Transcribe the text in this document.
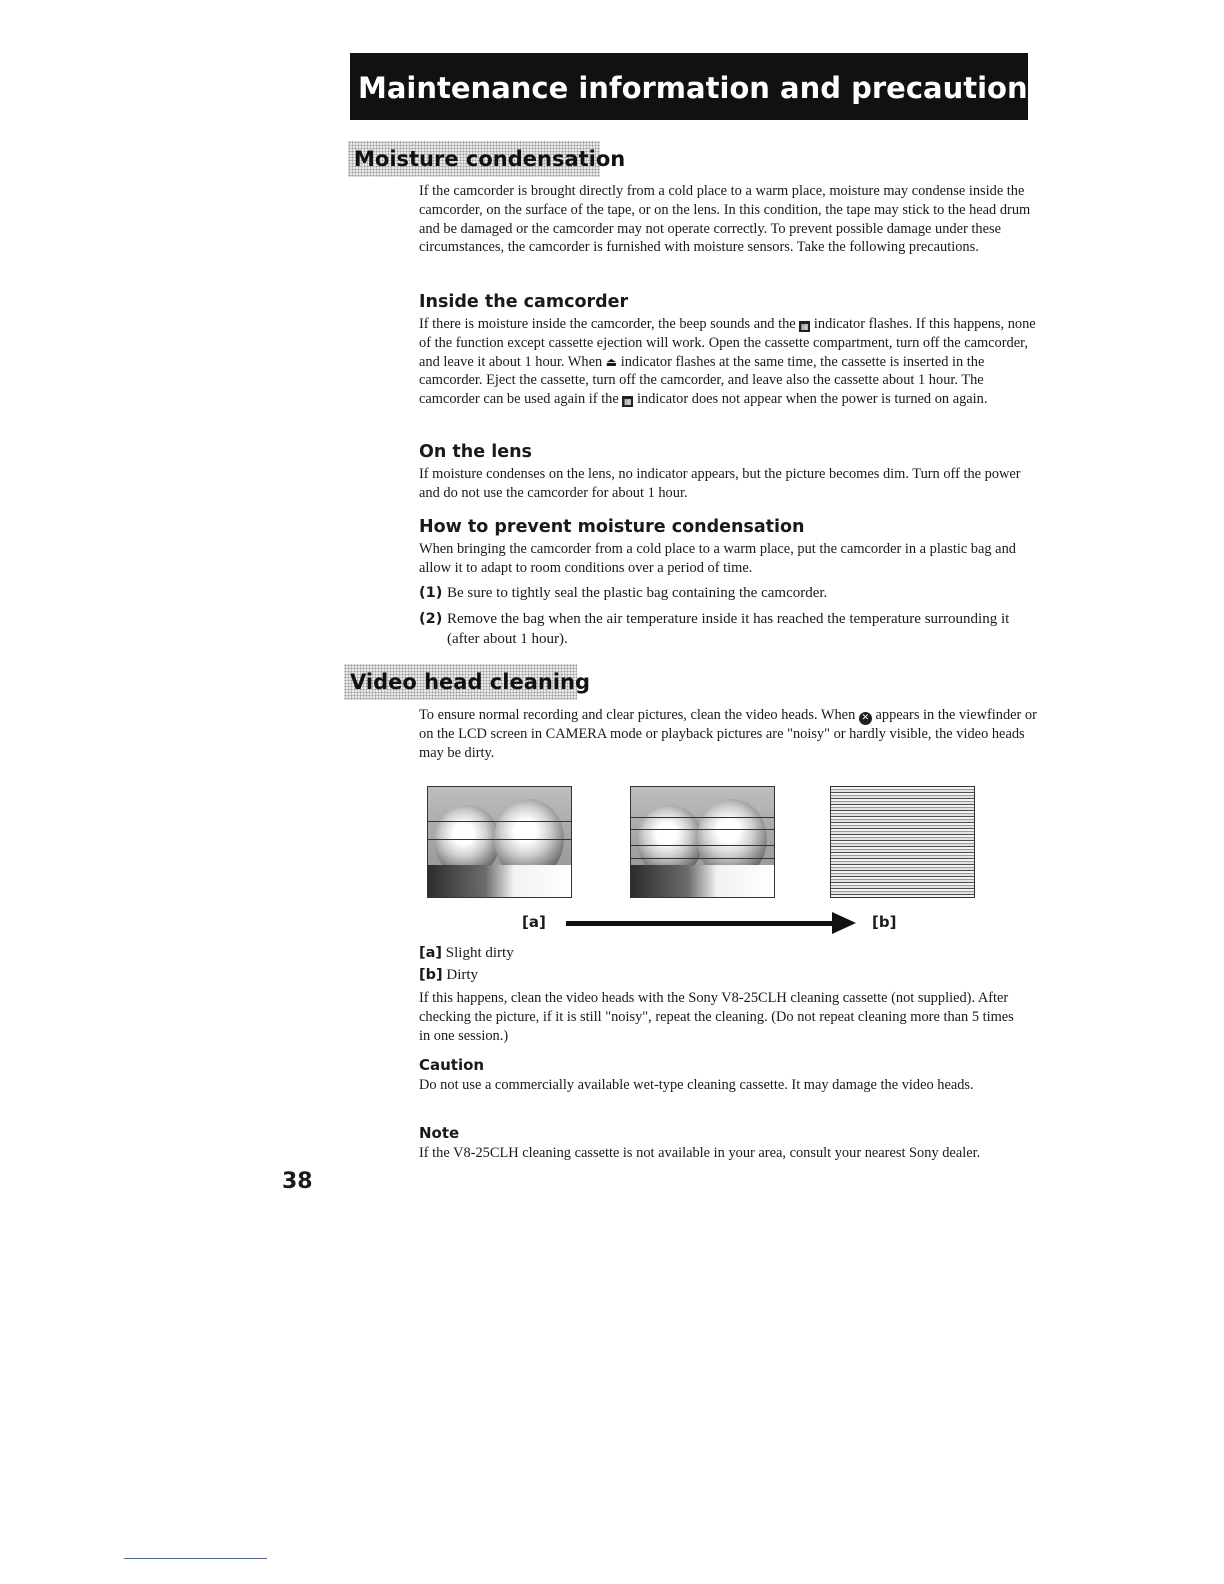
Maintenance information and precautions
Moisture condensation

If the camcorder is brought directly from a cold place to a warm place, moisture may condense inside the camcorder, on the surface of the tape, or on the lens. In this condition, the tape may stick to the head drum and be damaged or the camcorder may not operate correctly. To prevent possible damage under these circumstances, the camcorder is furnished with moisture sensors. Take the following precautions.

Inside the camcorder

If there is moisture inside the camcorder, the beep sounds and the ▦ indicator flashes. If this happens, none of the function except cassette ejection will work. Open the cassette compartment, turn off the camcorder, and leave it about 1 hour. When ⏏ indicator flashes at the same time, the cassette is inserted in the camcorder. Eject the cassette, turn off the camcorder, and leave also the cassette about 1 hour. The camcorder can be used again if the ▦ indicator does not appear when the power is turned on again.

On the lens

If moisture condenses on the lens, no indicator appears, but the picture becomes dim. Turn off the power and do not use the camcorder for about 1 hour.

How to prevent moisture condensation

When bringing the camcorder from a cold place to a warm place, put the camcorder in a plastic bag and allow it to adapt to room conditions over a period of time.

(1) Be sure to tightly seal the plastic bag containing the camcorder.
(2) Remove the bag when the air temperature inside it has reached the temperature surrounding it (after about 1 hour).
Video head cleaning

To ensure normal recording and clear pictures, clean the video heads. When ✕ appears in the viewfinder or on the LCD screen in CAMERA mode or playback pictures are "noisy" or hardly visible, the video heads may be dirty.

[a]	[b]
[a] Slight dirty
[b] Dirty

If this happens, clean the video heads with the Sony V8-25CLH cleaning cassette (not supplied). After checking the picture, if it is still "noisy", repeat the cleaning. (Do not repeat cleaning more than 5 times in one session.)

Caution

Do not use a commercially available wet-type cleaning cassette. It may damage the video heads.

Note

If the V8-25CLH cleaning cassette is not available in your area, consult your nearest Sony dealer.

38
